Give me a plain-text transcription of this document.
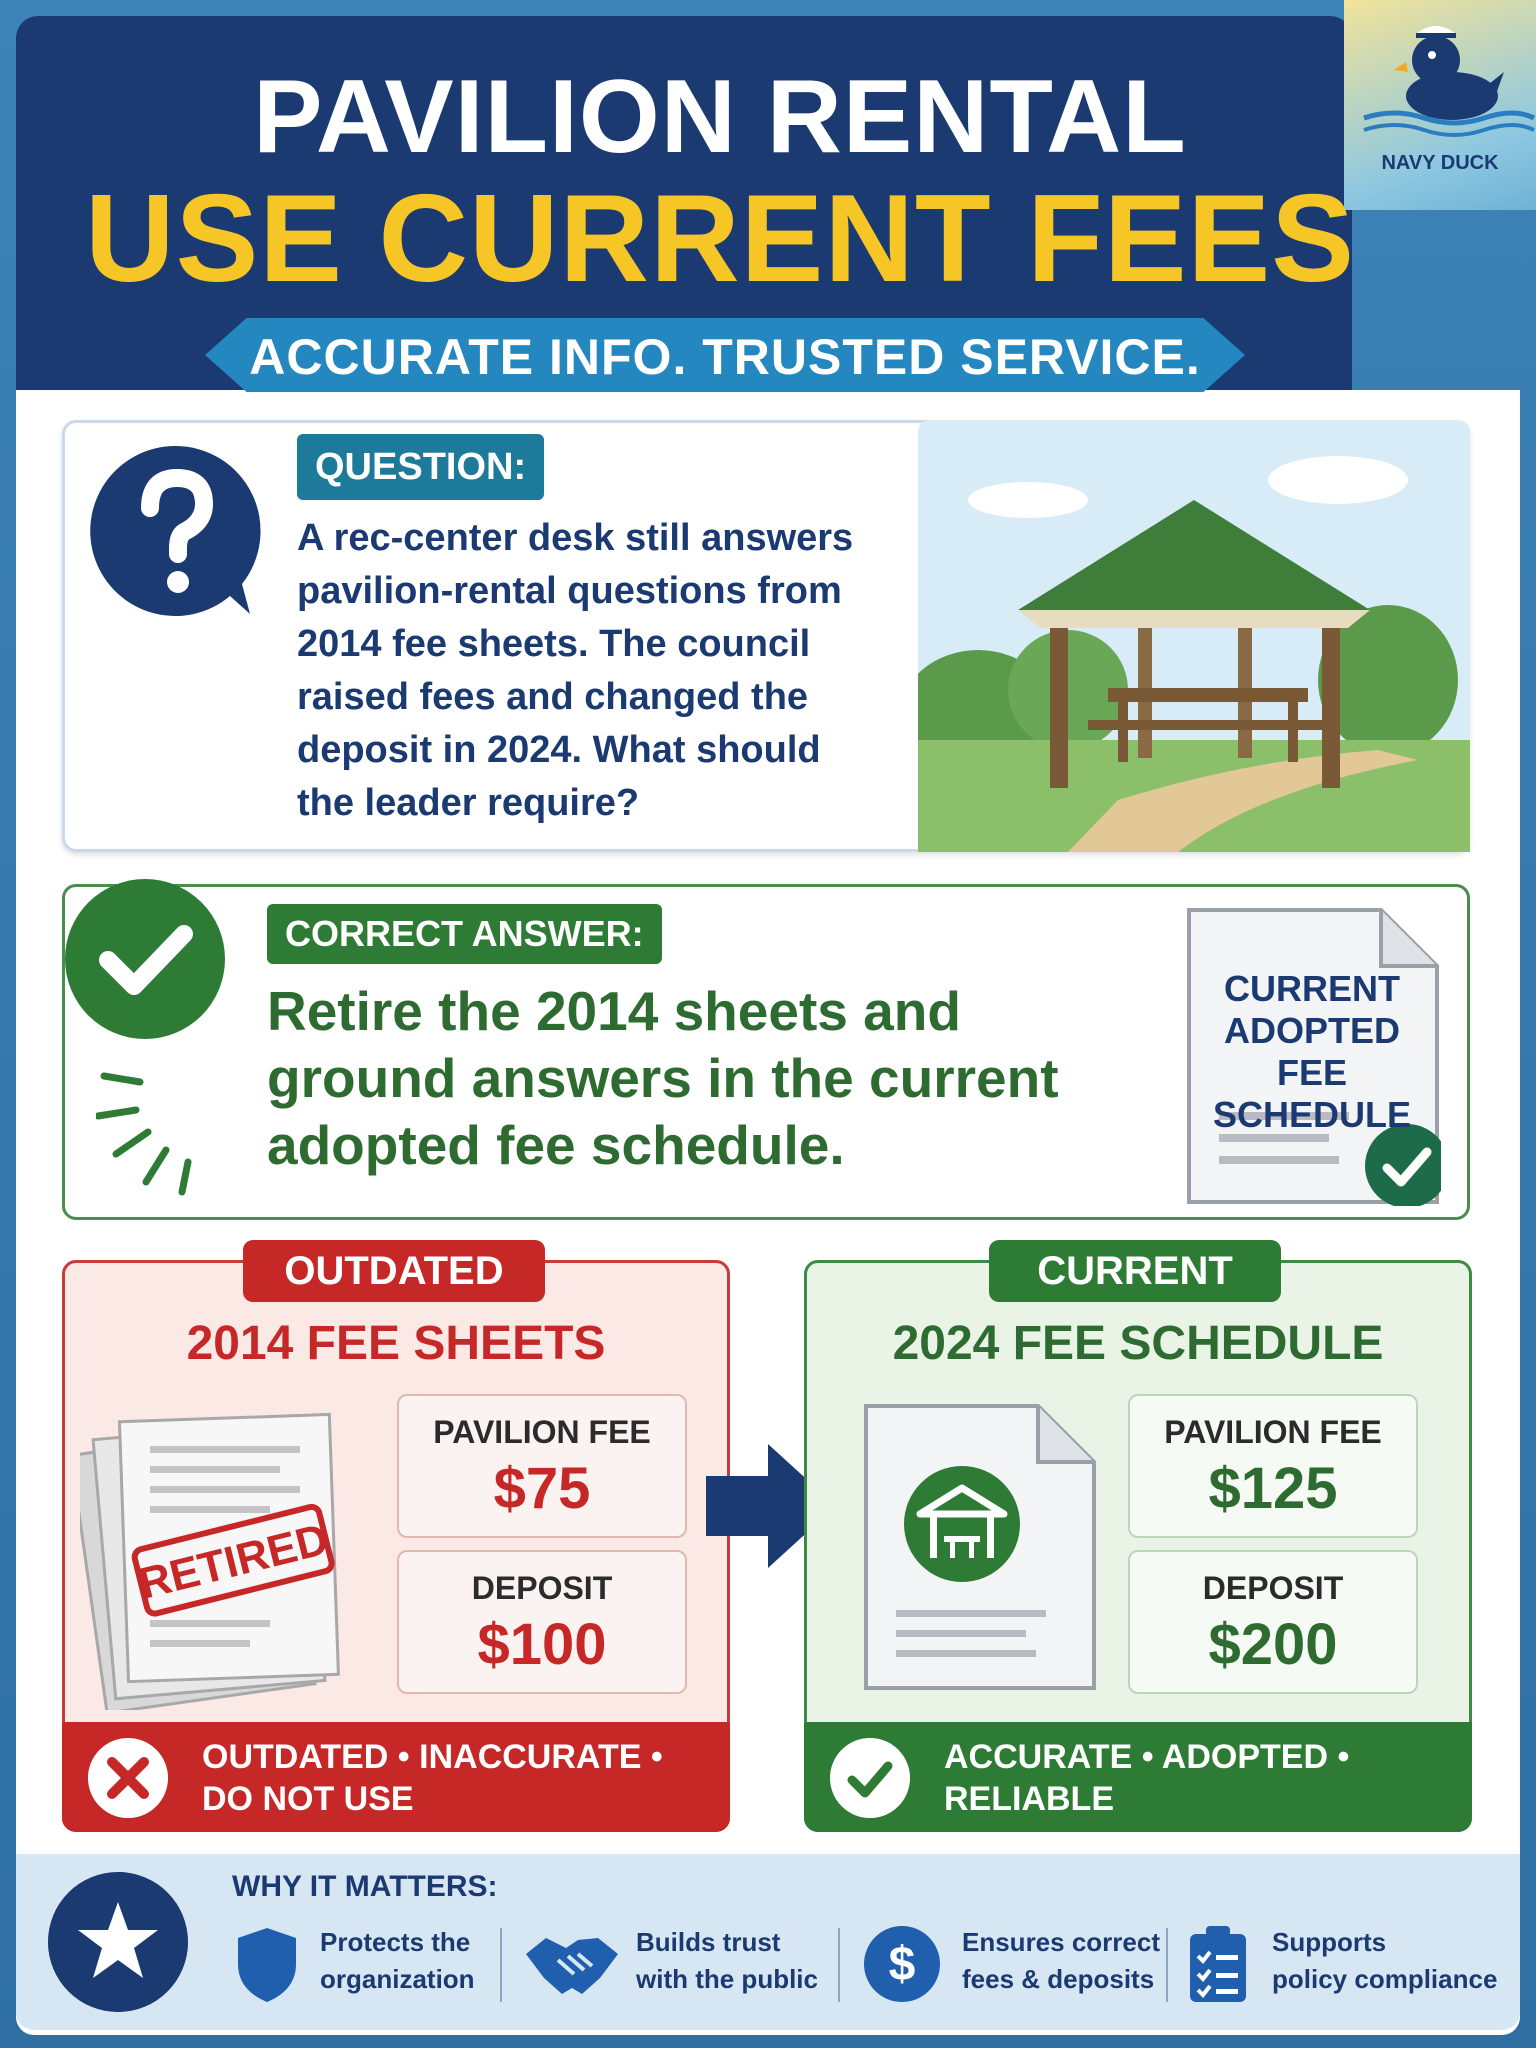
NAVY DUCK
PAVILION RENTAL
USE CURRENT FEES
ACCURATE INFO. TRUSTED SERVICE.
QUESTION:
A rec-center desk still answers
pavilion-rental questions from
2014 fee sheets. The council
raised fees and changed the
deposit in 2024. What should
the leader require?
CORRECT ANSWER:
Retire the 2014 sheets and
ground answers in the current
adopted fee schedule.
CURRENT
ADOPTED FEE
SCHEDULE
OUTDATED
2014 FEE SHEETS
RETIRED
PAVILION FEE
$75
DEPOSIT
$100
OUTDATED • INACCURATE •
DO NOT USE
CURRENT
2024 FEE SCHEDULE
PAVILION FEE
$125
DEPOSIT
$200
ACCURATE • ADOPTED •
RELIABLE
WHY IT MATTERS:
Protects the
organization
Builds trust
with the public $ Ensures correct
fees & deposits
Supports
policy compliance
